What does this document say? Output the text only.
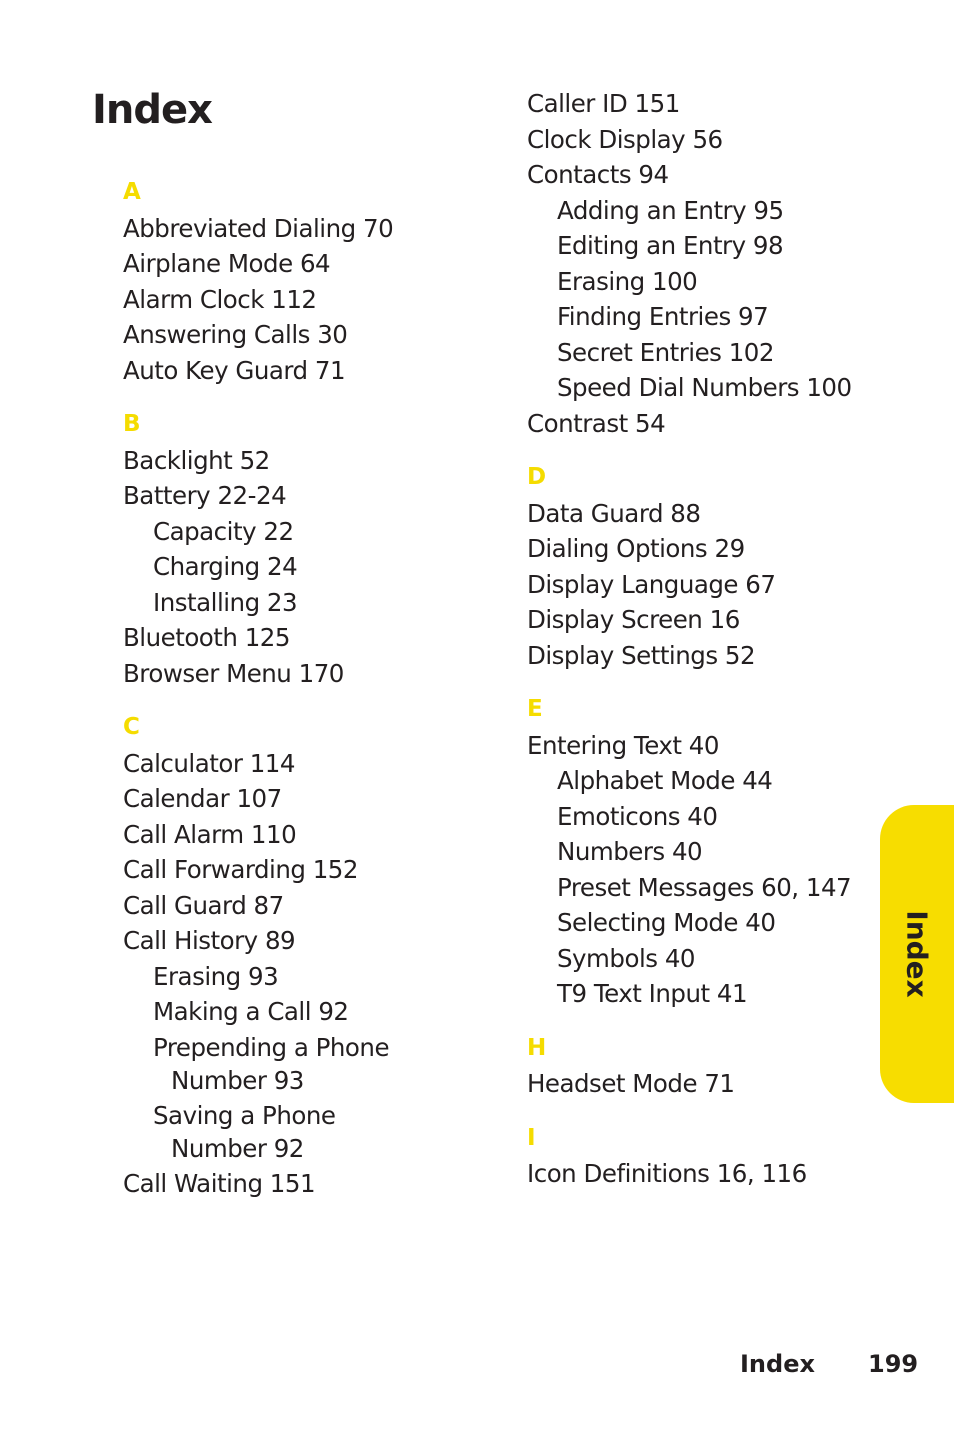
Index
A
Abbreviated Dialing 70
Airplane Mode 64
Alarm Clock 112
Answering Calls 30
Auto Key Guard 71
B
Backlight 52
Battery 22-24
Capacity 22
Charging 24
Installing 23
Bluetooth 125
Browser Menu 170
C
Calculator 114
Calendar 107
Call Alarm 110
Call Forwarding 152
Call Guard 87
Call History 89
Erasing 93
Making a Call 92
Prepending a Phone
Number 93
Saving a Phone
Number 92
Call Waiting 151
Caller ID 151
Clock Display 56
Contacts 94
Adding an Entry 95
Editing an Entry 98
Erasing 100
Finding Entries 97
Secret Entries 102
Speed Dial Numbers 100
Contrast 54
D
Data Guard 88
Dialing Options 29
Display Language 67
Display Screen 16
Display Settings 52
E
Entering Text 40
Alphabet Mode 44
Emoticons 40
Numbers 40
Preset Messages 60, 147
Selecting Mode 40
Symbols 40
T9 Text Input 41
H
Headset Mode 71
I
Icon Definitions 16, 116
Index
Index 199
